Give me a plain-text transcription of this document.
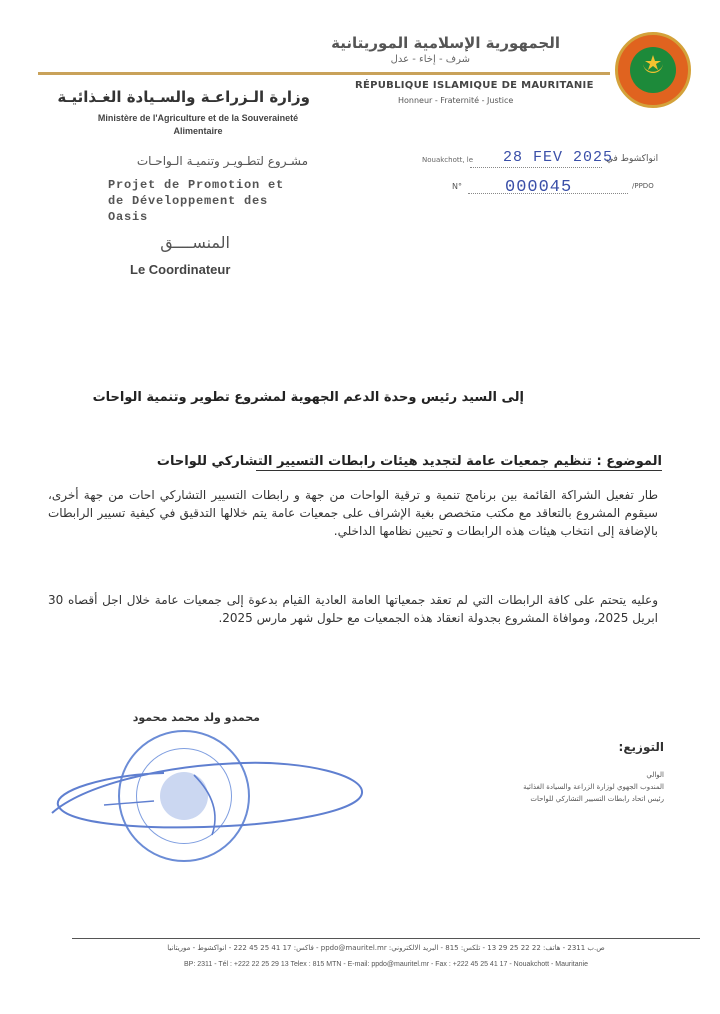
الجمهورية الإسلامية الموريتانية
شرف - إخاء - عدل
RÉPUBLIQUE ISLAMIQUE DE MAURITANIE
Honneur - Fraternité - Justice
وزارة الـزراعـة والسـيادة الغـذائيـة
Ministère de l'Agriculture et de la Souveraineté Alimentaire
مشـروع لتطـويـر وتنميـة الـواحـات
Projet de Promotion et de Développement des Oasis
المنســــق
Le Coordinateur
Nouakchott, le 28 FEV 2025
انواكشوط في
N°	000045	/PPDO
إلى السيد رئيس وحدة الدعم الجهوية لمشروع تطوير وتنمية الواحات
الموضوع : تنظيم جمعيات عامة لتجديد هيئات رابطات التسيير التشاركي للواحات
طار تفعيل الشراكة القائمة بين برنامج تنمية و ترقية الواحات من جهة و رابطات التسيير التشاركي احات من جهة أخرى، سيقوم المشروع بالتعاقد مع مكتب متخصص بغية الإشراف على جمعيات عامة يتم خلالها التدقيق في كيفية تسيير الرابطات بالإضافة إلى انتخاب هيئات هذه الرابطات و تحيين نظامها الداخلي.
وعليه يتحتم على كافة الرابطات التي لم تعقد جمعياتها العامة العادية القيام بدعوة إلى جمعيات عامة خلال اجل أقصاه 30 ابريل 2025، وموافاة المشروع بجدولة انعقاد هذه الجمعيات مع حلول شهر مارس 2025.
محمدو ولد محمد محمود
التوزيع:
الوالي
المندوب الجهوي لوزارة الزراعة والسيادة الغذائية
رئيس اتحاد رابطات التسيير التشاركي للواحات
ص.ب 2311 - هاتف: 22 22 25 29 13 - تلكس: 815 - البريد الالكتروني: ppdo@mauritel.mr - فاكس: 17 41 25 45 222 - انواكشوط - موريتانيا
BP: 2311 - Tél : +222 22 25 29 13 Telex : 815 MTN - E-mail: ppdo@mauritel.mr - Fax : +222 45 25 41 17 - Nouakchott - Mauritanie
